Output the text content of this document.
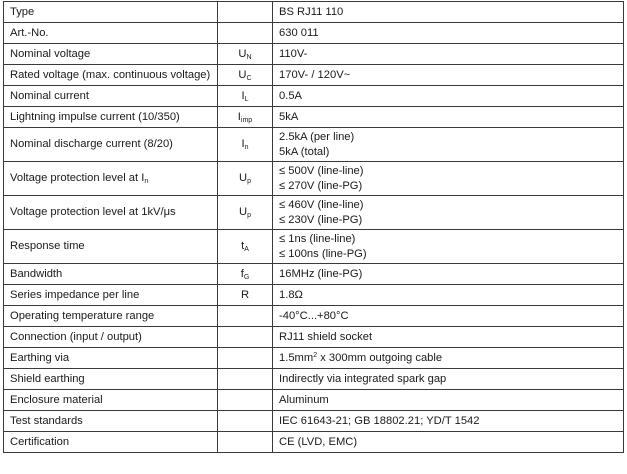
Type		BS RJ11 110

Art.-No.		630 011

Nominal voltage	$U_N$	110V-

Rated voltage (max. continuous voltage)	$U_C$	170V- / 120V~

Nominal current	$I_L$	0.5A

Lightning impulse current (10/350)	$I_{imp}$	5kA

Nominal discharge current (8/20)	$I_n$	2.5kA (per line)
5kA (total)

Voltage protection level at $I_n$	$U_p$	≤ 500V (line-line)
≤ 270V (line-PG)

Voltage protection level at 1kV/μs	$U_p$	≤ 460V (line-line)
≤ 230V (line-PG)

Response time	$t_A$	≤ 1ns (line-line)
≤ 100ns (line-PG)

Bandwidth	$f_G$	16MHz (line-PG)

Series impedance per line	R	1.8Ω

Operating temperature range		-40°C...+80°C

Connection (input / output)		RJ11 shield socket

Earthing via		$1.5mm^2$ x 300mm outgoing cable

Shield earthing		Indirectly via integrated spark gap

Enclosure material		Aluminum

Test standards		IEC 61643-21; GB 18802.21; YD/T 1542

Certification		CE (LVD, EMC)
